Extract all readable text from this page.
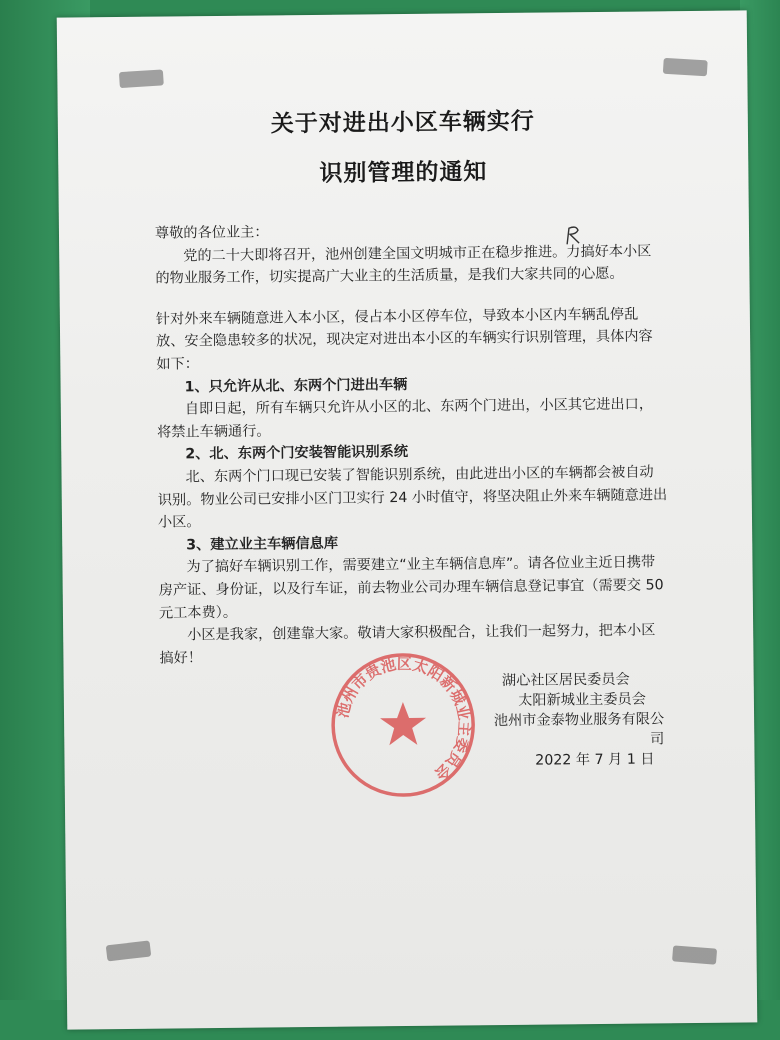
关于对进出小区车辆实行
识别管理的通知

尊敬的各位业主：

党的二十大即将召开，池州创建全国文明城市正在稳步推进。力搞好本小区的物业服务工作，切实提高广大业主的生活质量，是我们大家共同的心愿。

针对外来车辆随意进入本小区，侵占本小区停车位，导致本小区内车辆乱停乱放、安全隐患较多的状况，现决定对进出本小区的车辆实行识别管理，具体内容如下：

1、只允许从北、东两个门进出车辆

自即日起，所有车辆只允许从小区的北、东两个门进出，小区其它进出口，将禁止车辆通行。

2、北、东两个门安装智能识别系统

北、东两个门口现已安装了智能识别系统，由此进出小区的车辆都会被自动识别。物业公司已安排小区门卫实行 24 小时值守，将坚决阻止外来车辆随意进出小区。

3、建立业主车辆信息库

为了搞好车辆识别工作，需要建立“业主车辆信息库”。请各位业主近日携带房产证、身份证，以及行车证，前去物业公司办理车辆信息登记事宜（需要交 50 元工本费）。

小区是我家，创建靠大家。敬请大家积极配合，让我们一起努力，把本小区搞好！

池州市贵池区太阳新城业主委员会

湖心社区居民委员会

太阳新城业主委员会

池州市金泰物业服务有限公司

2022 年 7 月 1 日
